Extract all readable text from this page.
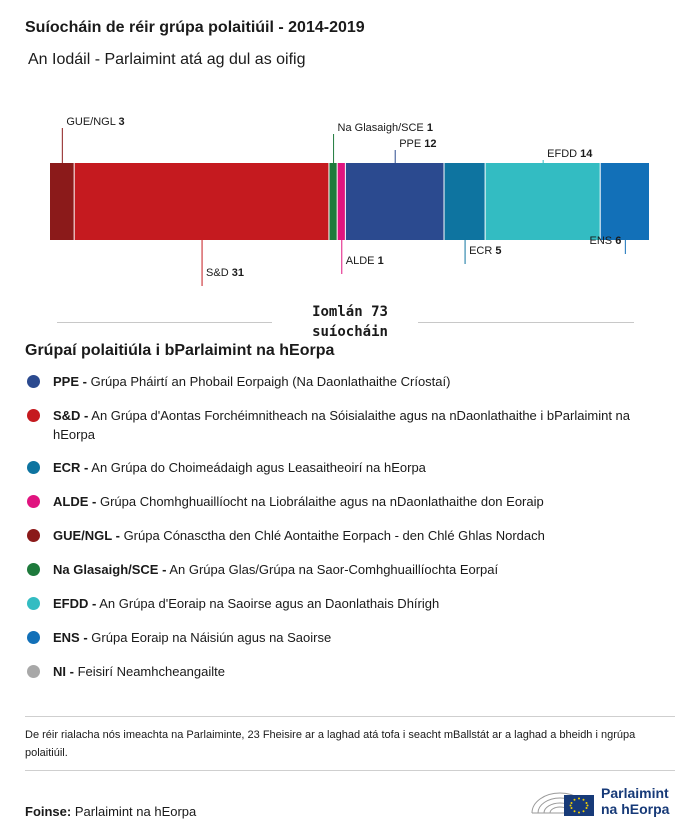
Suíocháin de réir grúpa polaitiúil - 2014-2019
An Iodáil - Parlaimint atá ag dul as oifig
GUE/NGL 3
S&D 31
Na Glasaigh/SCE 1
ALDE 1
PPE 12
ECR 5
EFDD 14
ENS 6
Iomlán 73
suíocháin
Grúpaí polaitiúla i bParlaimint na hEorpa
PPE - Grúpa Pháirtí an Phobail Eorpaigh (Na Daonlathaithe Críostaí)
S&D - An Grúpa d'Aontas Forchéimnitheach na Sóisialaithe agus na nDaonlathaithe i bParlaimint na hEorpa
ECR - An Grúpa do Choimeádaigh agus Leasaitheoirí na hEorpa
ALDE - Grúpa Chomhghuaillíocht na Liobrálaithe agus na nDaonlathaithe don Eoraip
GUE/NGL - Grúpa Cónasctha den Chlé Aontaithe Eorpach - den Chlé Ghlas Nordach
Na Glasaigh/SCE - An Grúpa Glas/Grúpa na Saor-Comhghuaillíochta Eorpaí
EFDD - An Grúpa d'Eoraip na Saoirse agus an Daonlathais Dhírigh
ENS - Grúpa Eoraip na Náisiún agus na Saoirse
NI - Feisirí Neamhcheangailte
De réir rialacha nós imeachta na Parlaiminte, 23 Fheisire ar a laghad atá tofa i seacht mBallstát ar a laghad a bheidh i ngrúpa polaitiúil.
Foinse: Parlaimint na hEorpa
Parlaimint
na hEorpa
